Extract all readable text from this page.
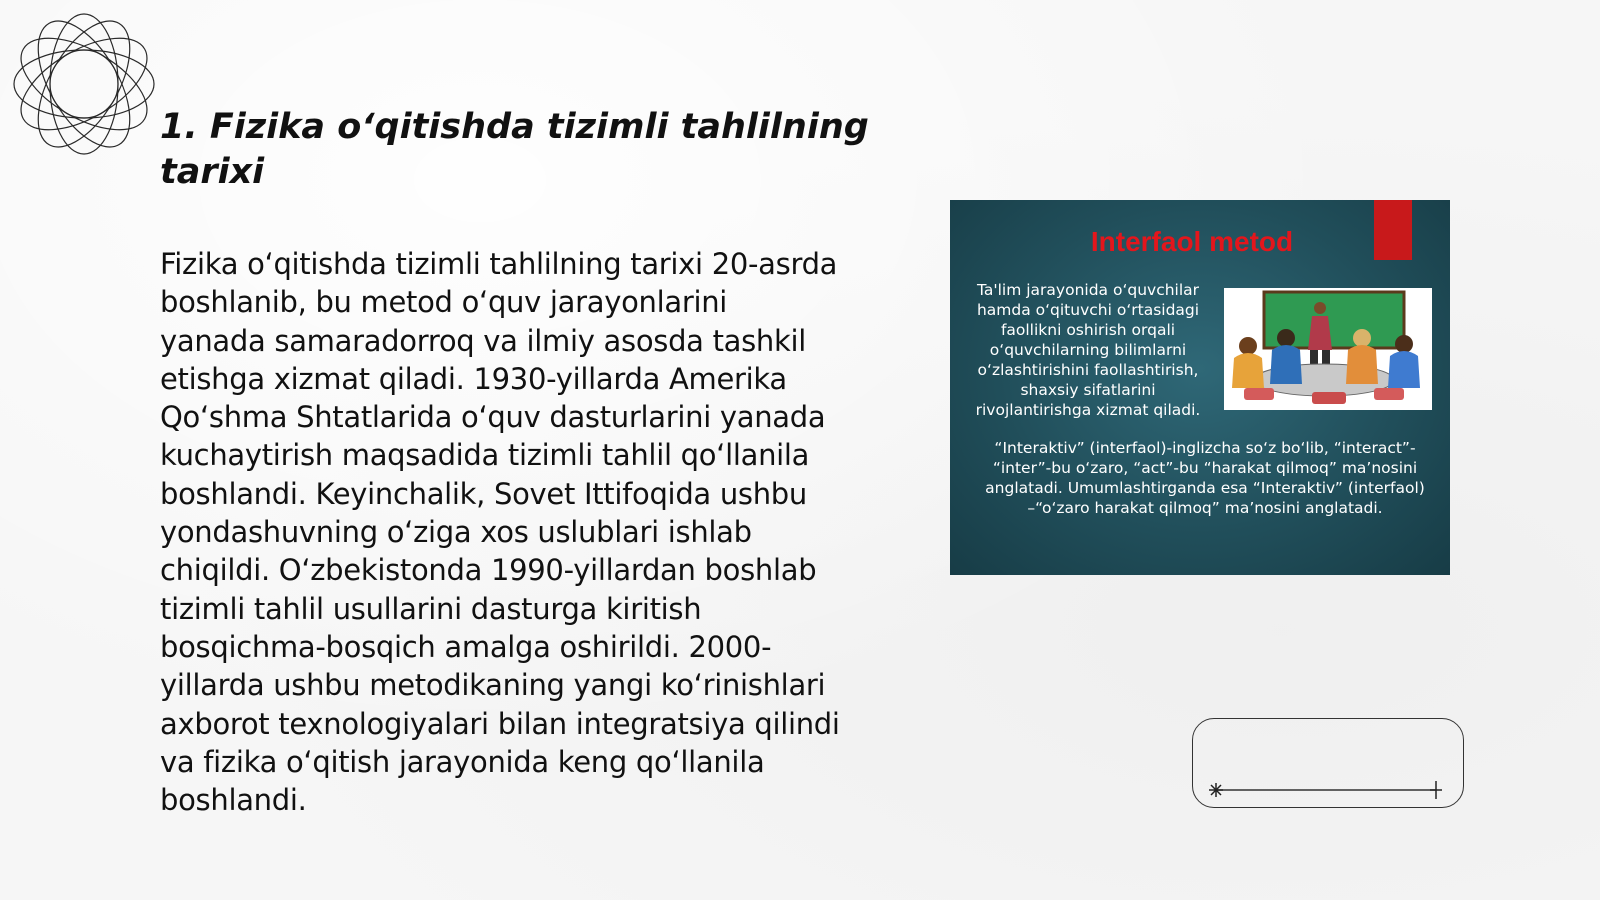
1. Fizika o‘qitishda tizimli tahlilning tarixi

Fizika o‘qitishda tizimli tahlilning tarixi 20-asrda boshlanib, bu metod o‘quv jarayonlarini yanada samaradorroq va ilmiy asosda tashkil etishga xizmat qiladi. 1930-yillarda Amerika Qo‘shma Shtatlarida o‘quv dasturlarini yanada kuchaytirish maqsadida tizimli tahlil qo‘llanila boshlandi. Keyinchalik, Sovet Ittifoqida ushbu yondashuvning o‘ziga xos uslublari ishlab chiqildi. O‘zbekistonda 1990-yillardan boshlab tizimli tahlil usullarini dasturga kiritish bosqichma-bosqich amalga oshirildi. 2000-yillarda ushbu metodikaning yangi ko‘rinishlari axborot texnologiyalari bilan integratsiya qilindi va fizika o‘qitish jarayonida keng qo‘llanila boshlandi.

Interfaol metod
Ta'lim jarayonida o‘quvchilar hamda o‘qituvchi o‘rtasidagi faollikni oshirish orqali o‘quvchilarning bilimlarni o‘zlashtirishini faollashtirish, shaxsiy sifatlarini rivojlantirishga xizmat qiladi.
“Interaktiv” (interfaol)-inglizcha so‘z bo‘lib, “interact”- “inter”-bu o‘zaro, “act”-bu “harakat qilmoq” ma’nosini anglatadi. Umumlashtirganda esa “Interaktiv” (interfaol) –“o‘zaro harakat qilmoq” ma’nosini anglatadi.
